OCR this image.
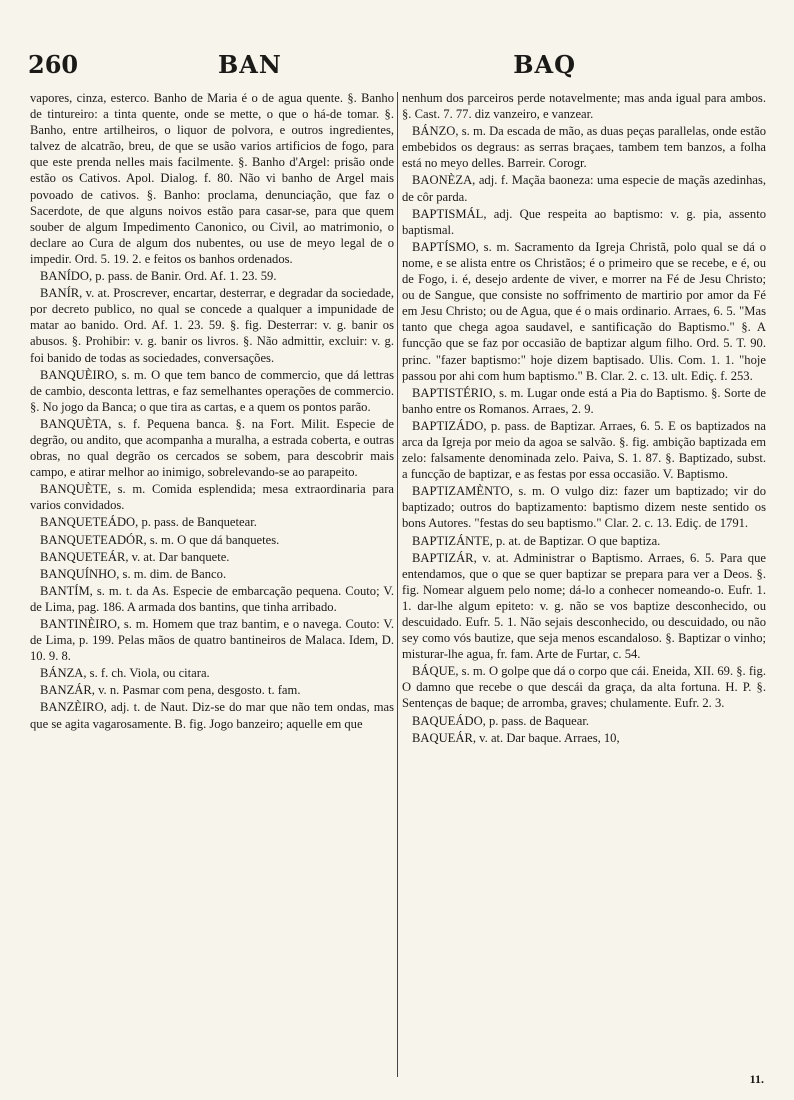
260	BAN	BAQ

vapores, cinza, esterco. Banho de Maria é o de agua quente. §. Banho de tintureiro: a tinta quente, onde se mette, o que o há-de tomar. §. Banho, entre artilheiros, o liquor de polvora, e outros ingredientes, talvez de alcatrão, breu, de que se usão varios artificios de fogo, para que este prenda nelles mais facilmente. §. Banho d'Argel: prisão onde estão os Cativos. Apol. Dialog. f. 80. Não vi banho de Argel mais povoado de cativos. §. Banho: proclama, denunciação, que faz o Sacerdote, de que alguns noivos estão para casar-se, para que quem souber de algum Impedimento Canonico, ou Civil, ao matrimonio, o declare ao Cura de algum dos nubentes, ou use de meyo legal de o impedir. Ord. 5. 19. 2. e feitos os banhos ordenados.

BANÍDO, p. pass. de Banir. Ord. Af. 1. 23. 59.

BANÍR, v. at. Proscrever, encartar, desterrar, e degradar da sociedade, por decreto publico, no qual se concede a qualquer a impunidade de matar ao banido. Ord. Af. 1. 23. 59. §. fig. Desterrar: v. g. banir os abusos. §. Prohibir: v. g. banir os livros. §. Não admittir, excluir: v. g. foi banido de todas as sociedades, conversações.

BANQUÈIRO, s. m. O que tem banco de commercio, que dá lettras de cambio, desconta lettras, e faz semelhantes operações de commercio. §. No jogo da Banca; o que tira as cartas, e a quem os pontos parão.

BANQUÈTA, s. f. Pequena banca. §. na Fort. Milit. Especie de degrão, ou andito, que acompanha a muralha, a estrada coberta, e outras obras, no qual degrão os cercados se sobem, para descobrir mais campo, e atirar melhor ao inimigo, sobrelevando-se ao parapeito.

BANQUÈTE, s. m. Comida esplendida; mesa extraordinaria para varios convidados.

BANQUETEÁDO, p. pass. de Banquetear.

BANQUETEADÓR, s. m. O que dá banquetes.

BANQUETEÁR, v. at. Dar banquete.

BANQUÍNHO, s. m. dim. de Banco.

BANTÍM, s. m. t. da As. Especie de embarcação pequena. Couto; V. de Lima, pag. 186. A armada dos bantins, que tinha arribado.

BANTINÈIRO, s. m. Homem que traz bantim, e o navega. Couto: V. de Lima, p. 199. Pelas mãos de quatro bantineiros de Malaca. Idem, D. 10. 9. 8.

BÁNZA, s. f. ch. Viola, ou citara.

BANZÁR, v. n. Pasmar com pena, desgosto. t. fam.

BANZÈIRO, adj. t. de Naut. Diz-se do mar que não tem ondas, mas que se agita vagarosamente. B. fig. Jogo banzeiro; aquelle em que

nenhum dos parceiros perde notavelmente; mas anda igual para ambos. §. Cast. 7. 77. diz vanzeiro, e vanzear.

BÁNZO, s. m. Da escada de mão, as duas peças parallelas, onde estão embebidos os degraus: as serras braçaes, tambem tem banzos, a folha está no meyo delles. Barreir. Corogr.

BAONÈZA, adj. f. Maçãa baoneza: uma especie de maçãs azedinhas, de côr parda.

BAPTISMÁL, adj. Que respeita ao baptismo: v. g. pia, assento baptismal.

BAPTÍSMO, s. m. Sacramento da Igreja Christã, polo qual se dá o nome, e se alista entre os Christãos; é o primeiro que se recebe, e é, ou de Fogo, i. é, desejo ardente de viver, e morrer na Fé de Jesu Christo; ou de Sangue, que consiste no soffrimento de martirio por amor da Fé em Jesu Christo; ou de Agua, que é o mais ordinario. Arraes, 6. 5. "Mas tanto que chega agoa saudavel, e santificação do Baptismo." §. A funcção que se faz por occasião de baptizar algum filho. Ord. 5. T. 90. princ. "fazer baptismo:" hoje dizem baptisado. Ulis. Com. 1. 1. "hoje passou por ahi com hum baptismo." B. Clar. 2. c. 13. ult. Ediç. f. 253.

BAPTISTÉRIO, s. m. Lugar onde está a Pia do Baptismo. §. Sorte de banho entre os Romanos. Arraes, 2. 9.

BAPTIZÁDO, p. pass. de Baptizar. Arraes, 6. 5. E os baptizados na arca da Igreja por meio da agoa se salvão. §. fig. ambição baptizada em zelo: falsamente denominada zelo. Paiva, S. 1. 87. §. Baptizado, subst. a funcção de baptizar, e as festas por essa occasião. V. Baptismo.

BAPTIZAMÈNTO, s. m. O vulgo diz: fazer um baptizado; vir do baptizado; outros do baptizamento: baptismo dizem neste sentido os bons Autores. "festas do seu baptismo." Clar. 2. c. 13. Ediç. de 1791.

BAPTIZÁNTE, p. at. de Baptizar. O que baptiza.

BAPTIZÁR, v. at. Administrar o Baptismo. Arraes, 6. 5. Para que entendamos, que o que se quer baptizar se prepara para ver a Deos. §. fig. Nomear alguem pelo nome; dá-lo a conhecer nomeando-o. Eufr. 1. 1. dar-lhe algum epiteto: v. g. não se vos baptize desconhecido, ou descuidado. Eufr. 5. 1. Não sejais desconhecido, ou descuidado, ou não sey como vós bautize, que seja menos escandaloso. §. Baptizar o vinho; misturar-lhe agua, fr. fam. Arte de Furtar, c. 54.

BÁQUE, s. m. O golpe que dá o corpo que cái. Eneida, XII. 69. §. fig. O damno que recebe o que descái da graça, da alta fortuna. H. P. §. Sentenças de baque; de arromba, graves; chulamente. Eufr. 2. 3.

BAQUEÁDO, p. pass. de Baquear.

BAQUEÁR, v. at. Dar baque. Arraes, 10,

11.
